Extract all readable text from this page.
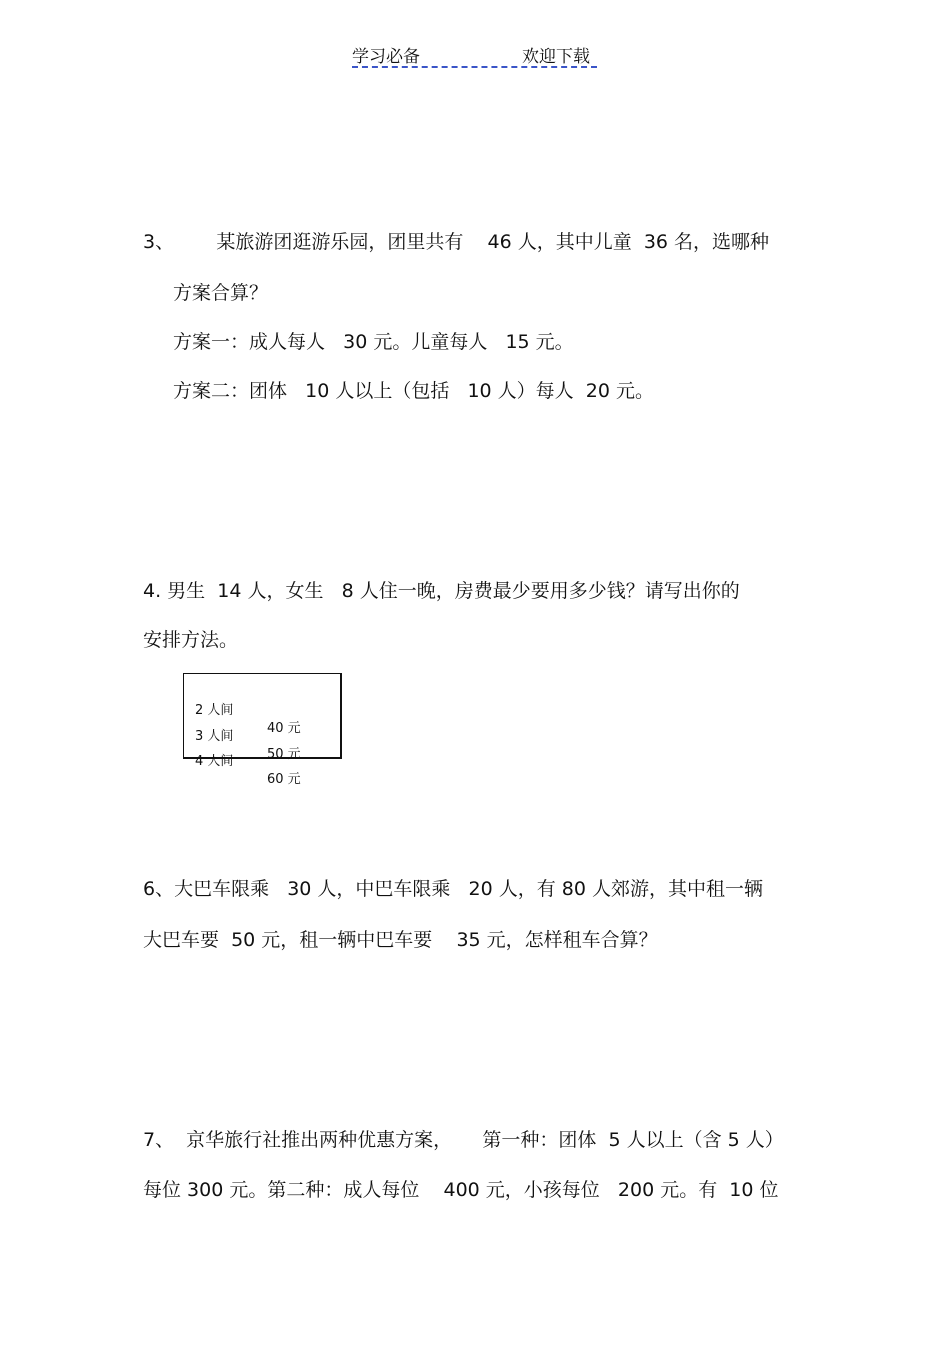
学习必备	欢迎下载
3、       某旅游团逛游乐园，团里共有    46 人，其中儿童  36 名，选哪种
方案合算？
方案一：成人每人   30 元。儿童每人   15 元。
方案二：团体   10 人以上（包括   10 人）每人  20 元。
4. 男生  14 人，女生   8 人住一晚，房费最少要用多少钱？请写出你的
安排方法。

2 人间

40 元

3 人间

50 元

4 人间

60 元

6、大巴车限乘   30 人，中巴车限乘   20 人，有 80 人郊游，其中租一辆
大巴车要  50 元，租一辆中巴车要    35 元，怎样租车合算？
7、  京华旅行社推出两种优惠方案，     第一种：团体  5 人以上（含 5 人）
每位 300 元。第二种：成人每位    400 元，小孩每位   200 元。有  10 位
